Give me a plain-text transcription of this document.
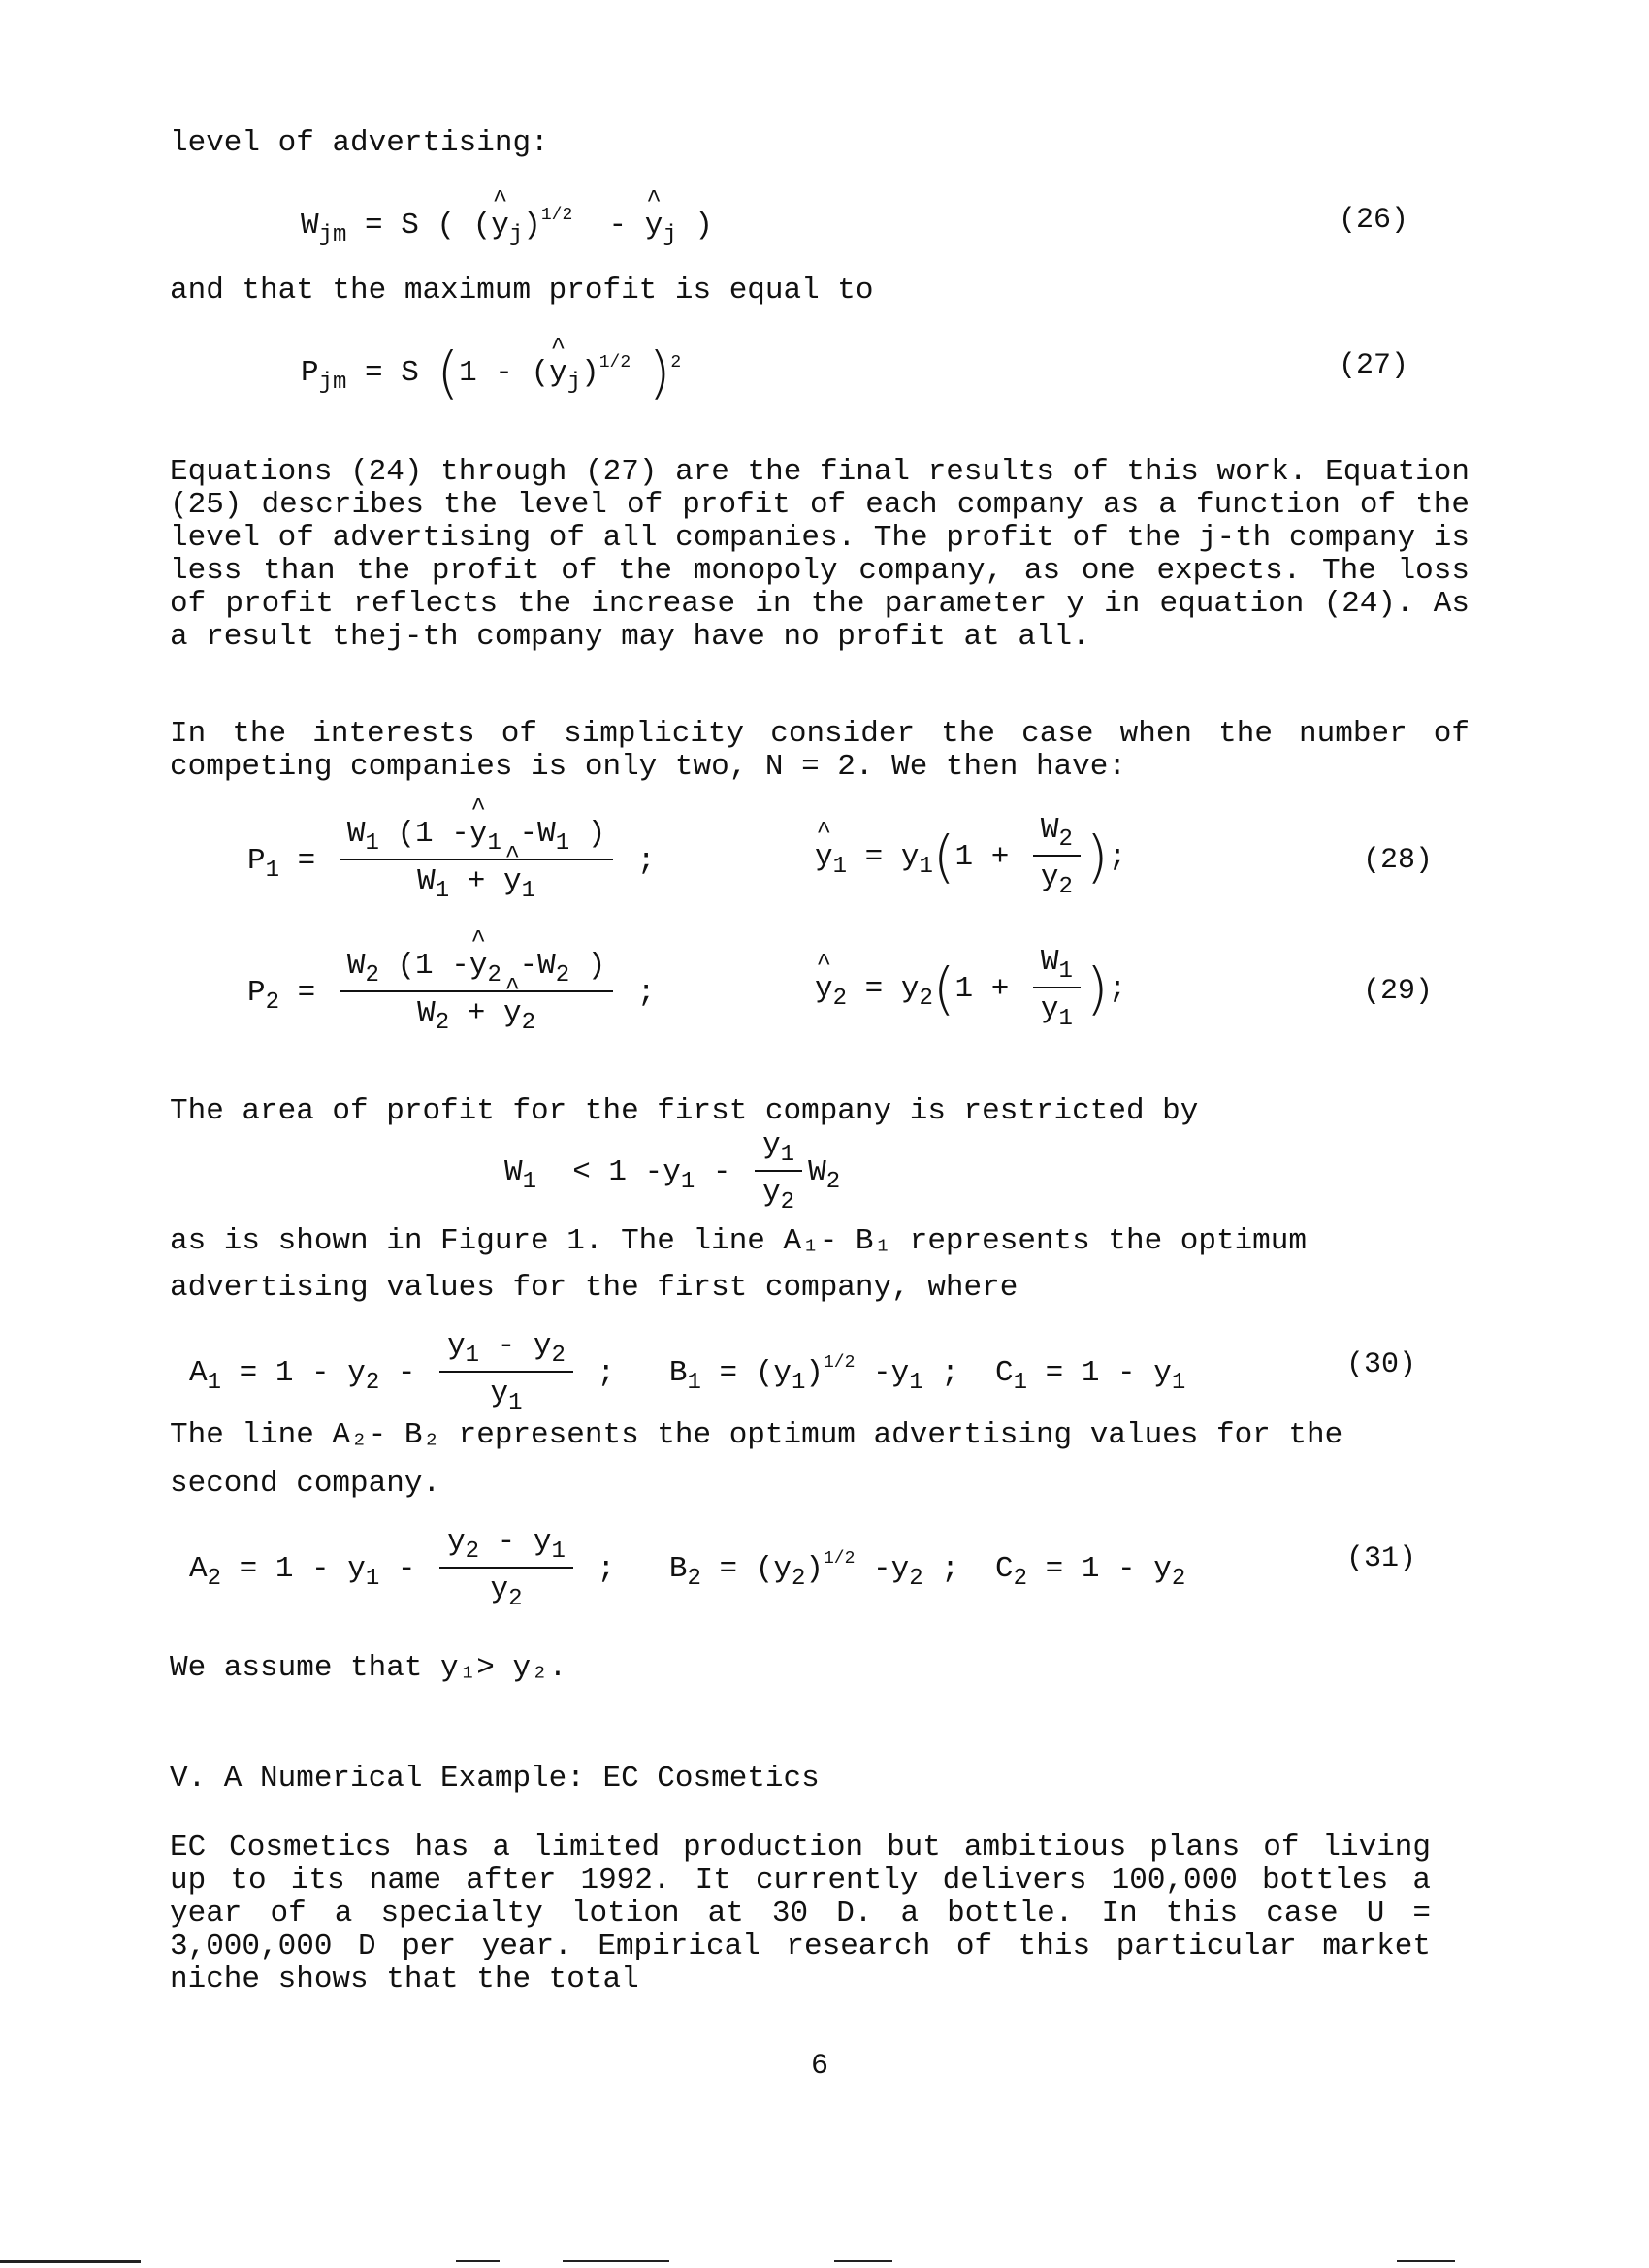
level of advertising:
$W_{jm} = S$ ( (^ $y_j)^{1/2}$  - ^ $y_j$ )	(26)
and that the maximum profit is equal to
$P_{jm} = S$ (1 - (^ $y_j)^{1/2}$ )$^2$	(27)

Equations (24) through (27) are the final results of this work. Equation (25) describes the level of profit of each company as a function of the level of advertising of all companies. The profit of the j-th company is less than the profit of the monopoly company, as one expects. The loss of profit reflects the increase in the parameter y in equation (24). As a result thej-th company may have no profit at all.

In the interests of simplicity consider the case when the number of competing companies is only two, N = 2. We then have:

$P_1 = \frac{W_1 (1 -\^{} y_1 -W_1 )}{W_1 + \^{} y_1}$ ;	^ $y_1 = y_1(1 + \frac{W_2}{y_2}$ );	(28)
$P_2 = \frac{W_2 (1 -\^{} y_2 -W_2 )}{W_2 + \^{} y_2}$ ;	^ $y_2 = y_2(1 + \frac{W_1}{y_1}$ );	(29)
The area of profit for the first company is restricted by
$W_1 < 1$ $-y_1 - \frac{y_1}{y_2} W_2$
as is shown in Figure 1. The line A₁- B₁ represents the optimum
advertising values for the first company, where
$A_1 = 1 - y_2 - \frac{y_1 - y_2}{y_1}$ ;   $B_1 = (y_1)^{1/2}$ $-y_1$ ;  $C_1 = 1 - y_1$
(30)
The line A₂- B₂ represents the optimum advertising values for the
second company.
$A_2 = 1 - y_1 - \frac{y_2 - y_1}{y_2}$ ;   $B_2 = (y_2)^{1/2}$ $-y_2$ ;  $C_2 = 1 - y_2$
(31)
We assume that y₁> y₂.
V. A Numerical Example: EC Cosmetics

EC Cosmetics has a limited production but ambitious plans of living up to its name after 1992. It currently delivers 100,000 bottles a year of a specialty lotion at 30 D. a bottle. In this case U = 3,000,000 D per year. Empirical research of this particular market niche shows that the total

6
